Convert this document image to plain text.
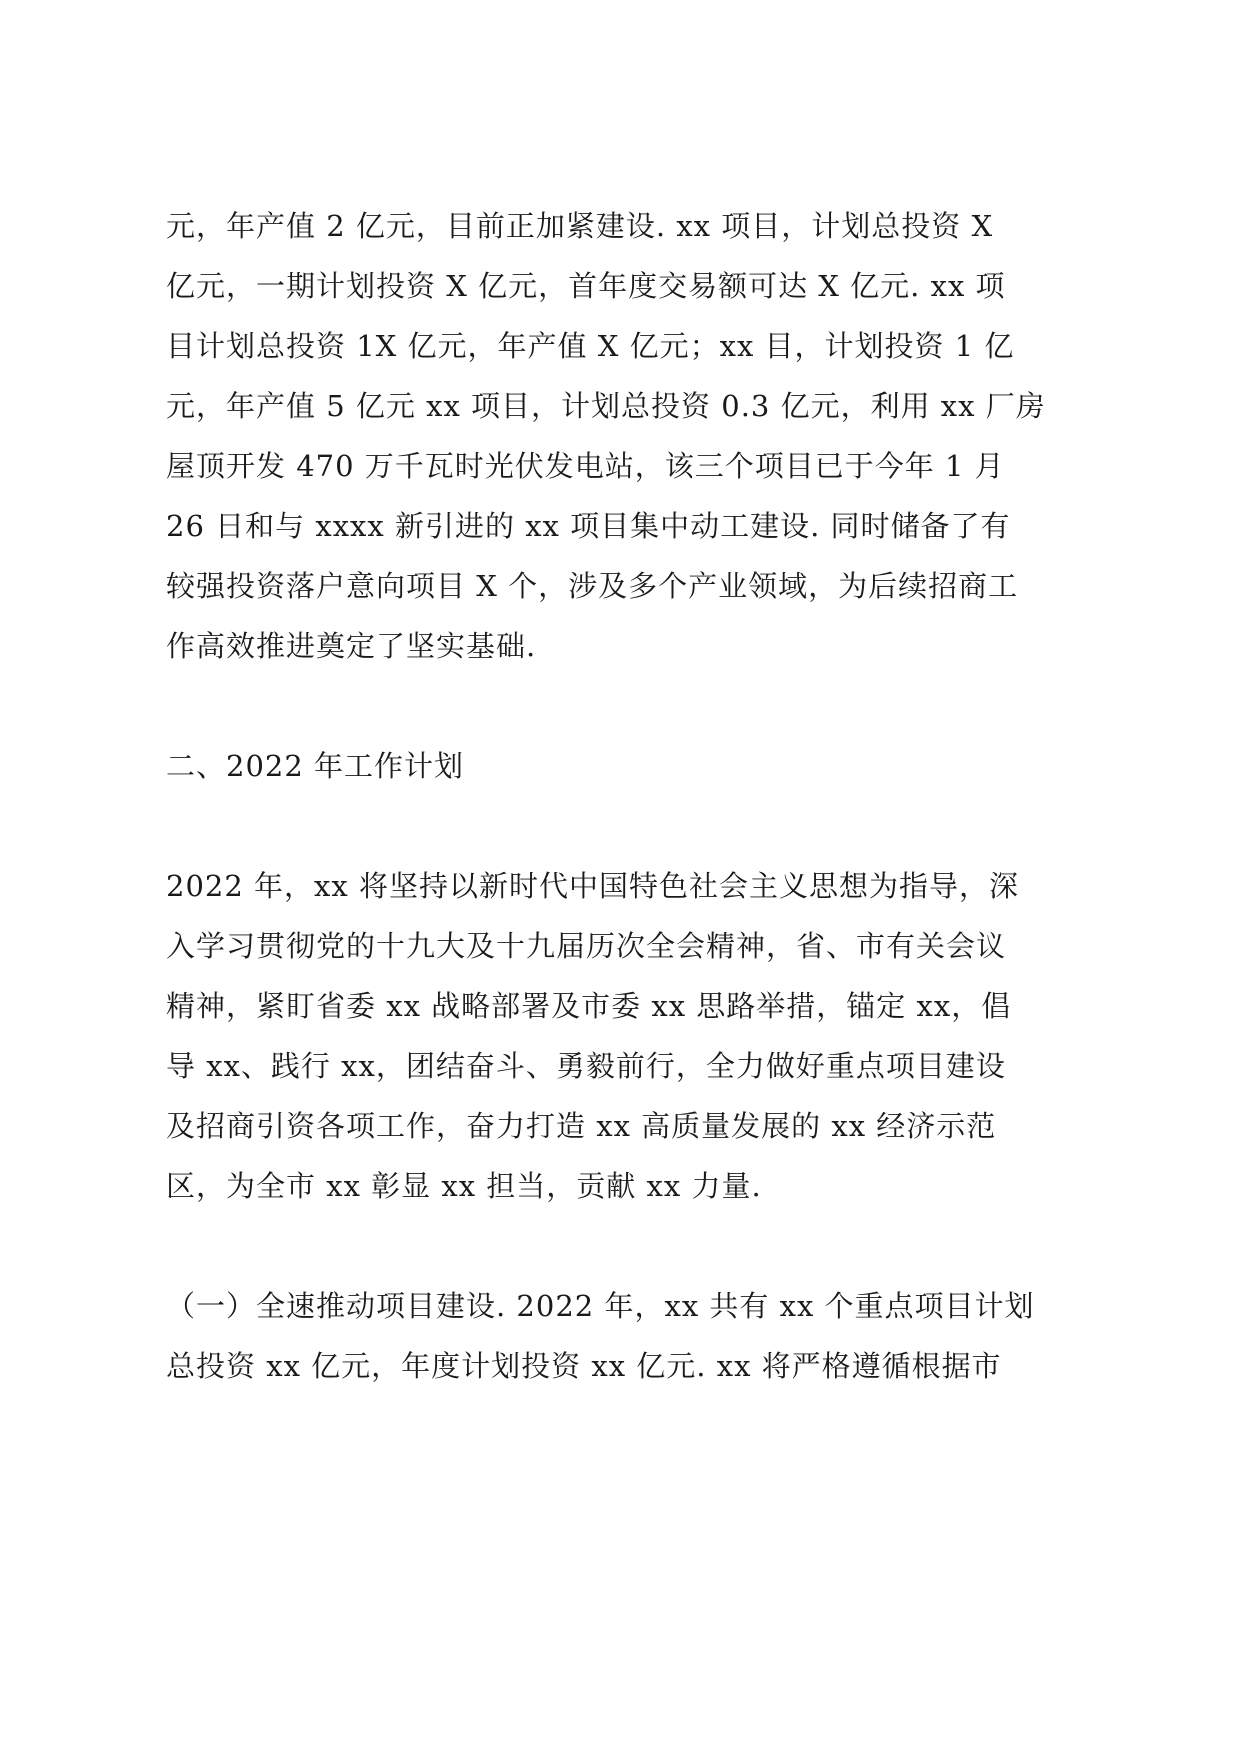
元，年产值 2 亿元，目前正加紧建设. xx 项目，计划总投资 X
亿元，一期计划投资 X 亿元，首年度交易额可达 X 亿元. xx 项
目计划总投资 1X 亿元，年产值 X 亿元；xx 目，计划投资 1 亿
元，年产值 5 亿元 xx 项目，计划总投资 0.3 亿元，利用 xx 厂房
屋顶开发 470 万千瓦时光伏发电站，该三个项目已于今年 1 月
26 日和与 xxxx 新引进的 xx 项目集中动工建设. 同时储备了有
较强投资落户意向项目 X 个，涉及多个产业领域，为后续招商工
作高效推进奠定了坚实基础.
二、2022 年工作计划
2022 年，xx 将坚持以新时代中国特色社会主义思想为指导，深
入学习贯彻党的十九大及十九届历次全会精神，省、市有关会议
精神，紧盯省委 xx 战略部署及市委 xx 思路举措，锚定 xx，倡
导 xx、践行 xx，团结奋斗、勇毅前行，全力做好重点项目建设
及招商引资各项工作，奋力打造 xx 高质量发展的 xx 经济示范
区，为全市 xx 彰显 xx 担当，贡献 xx 力量.
（一）全速推动项目建设. 2022 年，xx 共有 xx 个重点项目计划
总投资 xx 亿元，年度计划投资 xx 亿元. xx 将严格遵循根据市
